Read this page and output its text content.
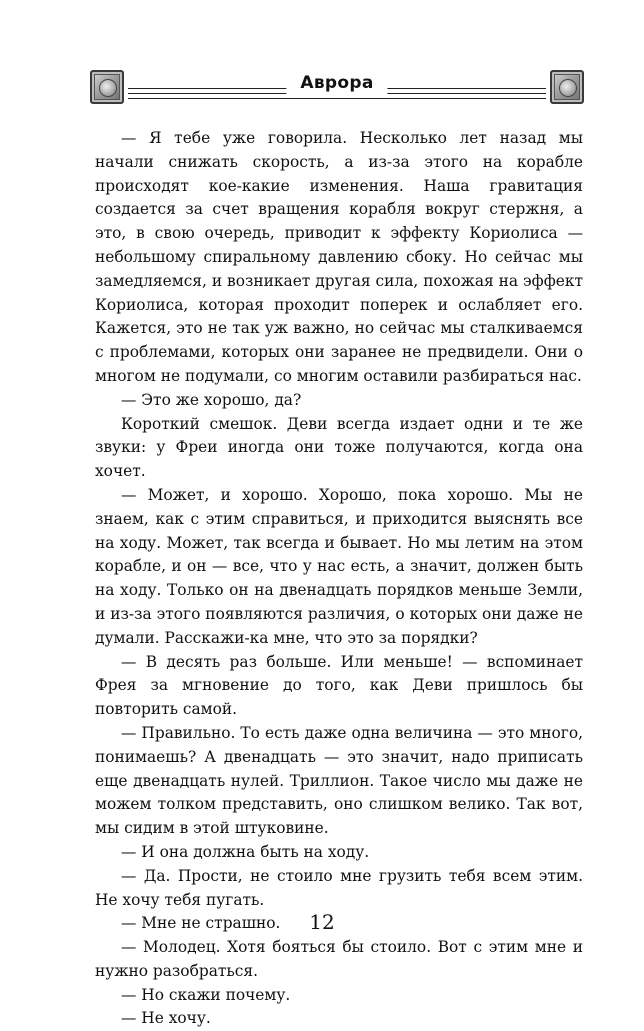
Аврора

— Я тебе уже говорила. Несколько лет назад мы начали снижать скорость, а из-за этого на корабле происходят кое-какие изменения. Наша гравитация создается за счет вращения корабля вокруг стержня, а это, в свою очередь, приводит к эффекту Кориолиса — небольшому спиральному давлению сбоку. Но сейчас мы замедляемся, и возникает другая сила, похожая на эффект Кориолиса, которая проходит поперек и ослабляет его. Кажется, это не так уж важно, но сейчас мы сталкиваемся с проблемами, которых они заранее не предвидели. Они о многом не подумали, со многим оставили разбираться нас.

— Это же хорошо, да?

Короткий смешок. Деви всегда издает одни и те же звуки: у Фреи иногда они тоже получаются, когда она хочет.

— Может, и хорошо. Хорошо, пока хорошо. Мы не знаем, как с этим справиться, и приходится выяснять все на ходу. Может, так всегда и бывает. Но мы летим на этом корабле, и он — все, что у нас есть, а значит, должен быть на ходу. Только он на двенадцать порядков меньше Земли, и из-за этого появляются различия, о которых они даже не думали. Расскажи-ка мне, что это за порядки?

— В десять раз больше. Или меньше! — вспоминает Фрея за мгновение до того, как Деви пришлось бы повторить самой.

— Правильно. То есть даже одна величина — это много, понимаешь? А двенадцать — это значит, надо приписать еще двенадцать нулей. Триллион. Такое число мы даже не можем толком представить, оно слишком велико. Так вот, мы сидим в этой штуковине.

— И она должна быть на ходу.

— Да. Прости, не стоило мне грузить тебя всем этим. Не хочу тебя пугать.

— Мне не страшно.

— Молодец. Хотя бояться бы стоило. Вот с этим мне и нужно разобраться.

— Но скажи почему.

— Не хочу.

12
